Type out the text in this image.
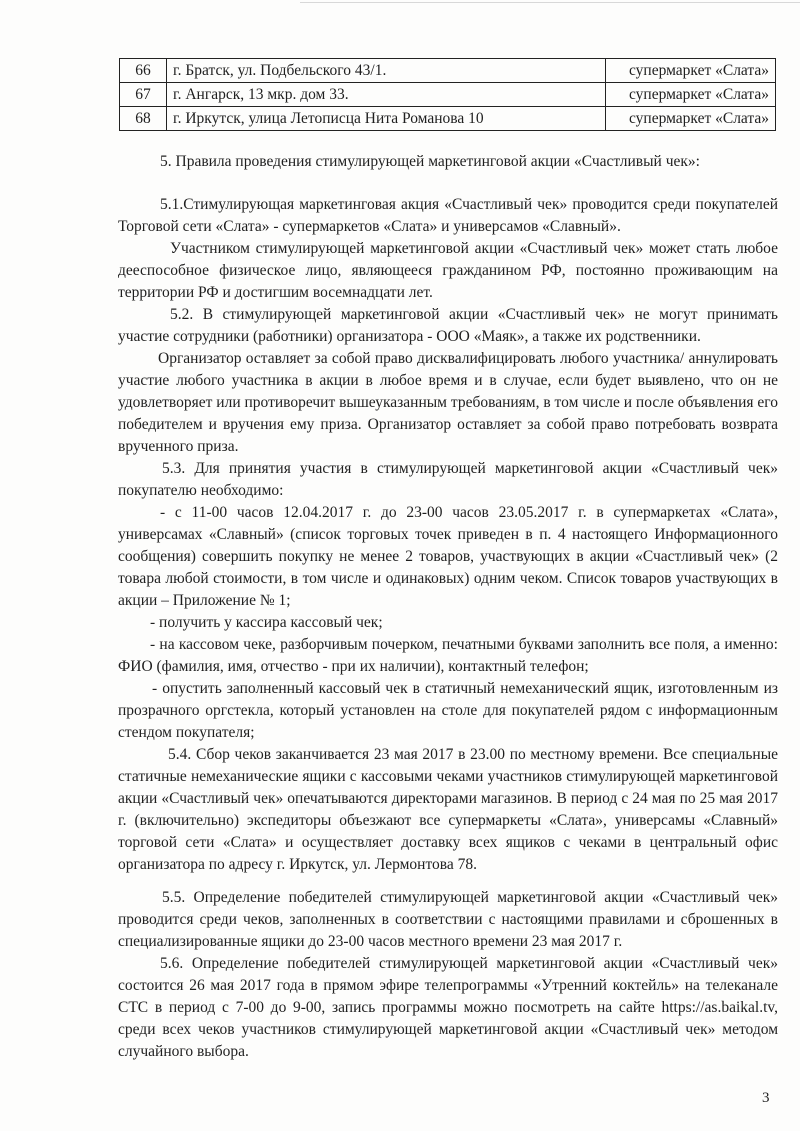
66	г. Братск, ул. Подбельского 43/1.	супермаркет «Слата»
67	г. Ангарск, 13 мкр. дом 33.	супермаркет «Слата»
68	г. Иркутск, улица Летописца Нита Романова 10	супермаркет «Слата»

5. Правила проведения стимулирующей маркетинговой акции «Счастливый чек»:

5.1.Стимулирующая маркетинговая акция «Счастливый чек» проводится среди покупателей Торговой сети «Слата» - супермаркетов «Слата» и универсамов «Славный».

Участником стимулирующей маркетинговой акции «Счастливый чек» может стать любое дееспособное физическое лицо, являющееся гражданином РФ, постоянно проживающим на территории РФ и достигшим восемнадцати лет.

5.2. В стимулирующей маркетинговой акции «Счастливый чек» не могут принимать участие сотрудники (работники) организатора - ООО «Маяк», а также их родственники.

Организатор оставляет за собой право дисквалифицировать любого участника/ аннулировать участие любого участника в акции в любое время и в случае, если будет выявлено, что он не удовлетворяет или противоречит вышеуказанным требованиям, в том числе и после объявления его победителем и вручения ему приза. Организатор оставляет за собой право потребовать возврата врученного приза.

5.3. Для принятия участия в стимулирующей маркетинговой акции «Счастливый чек» покупателю необходимо:

- с 11-00 часов 12.04.2017 г. до 23-00 часов 23.05.2017 г. в супермаркетах «Слата», универсамах «Славный» (список торговых точек приведен в п. 4 настоящего Информационного сообщения) совершить покупку не менее 2 товаров, участвующих в акции «Счастливый чек» (2 товара любой стоимости, в том числе и одинаковых) одним чеком. Список товаров участвующих в акции – Приложение № 1;

- получить у кассира кассовый чек;

- на кассовом чеке, разборчивым почерком, печатными буквами заполнить все поля, а именно: ФИО (фамилия, имя, отчество - при их наличии), контактный телефон;

- опустить заполненный кассовый чек в статичный немеханический ящик, изготовленным из прозрачного оргстекла, который установлен на столе для покупателей рядом с информационным стендом покупателя;

5.4. Сбор чеков заканчивается 23 мая 2017 в 23.00 по местному времени. Все специальные статичные немеханические ящики с кассовыми чеками участников стимулирующей маркетинговой акции «Счастливый чек» опечатываются директорами магазинов. В период с 24 мая по 25 мая 2017 г. (включительно) экспедиторы объезжают все супермаркеты «Слата», универсамы «Славный» торговой сети «Слата» и осуществляет доставку всех ящиков с чеками в центральный офис организатора по адресу г. Иркутск, ул. Лермонтова 78.

5.5. Определение победителей стимулирующей маркетинговой акции «Счастливый чек» проводится среди чеков, заполненных в соответствии с настоящими правилами и сброшенных в специализированные ящики до 23-00 часов местного времени 23 мая 2017 г.

5.6. Определение победителей стимулирующей маркетинговой акции «Счастливый чек» состоится 26 мая 2017 года в прямом эфире телепрограммы «Утренний коктейль» на телеканале СТС в период с 7-00 до 9-00, запись программы можно посмотреть на сайте https://as.baikal.tv, среди всех чеков участников стимулирующей маркетинговой акции «Счастливый чек» методом случайного выбора.

3
